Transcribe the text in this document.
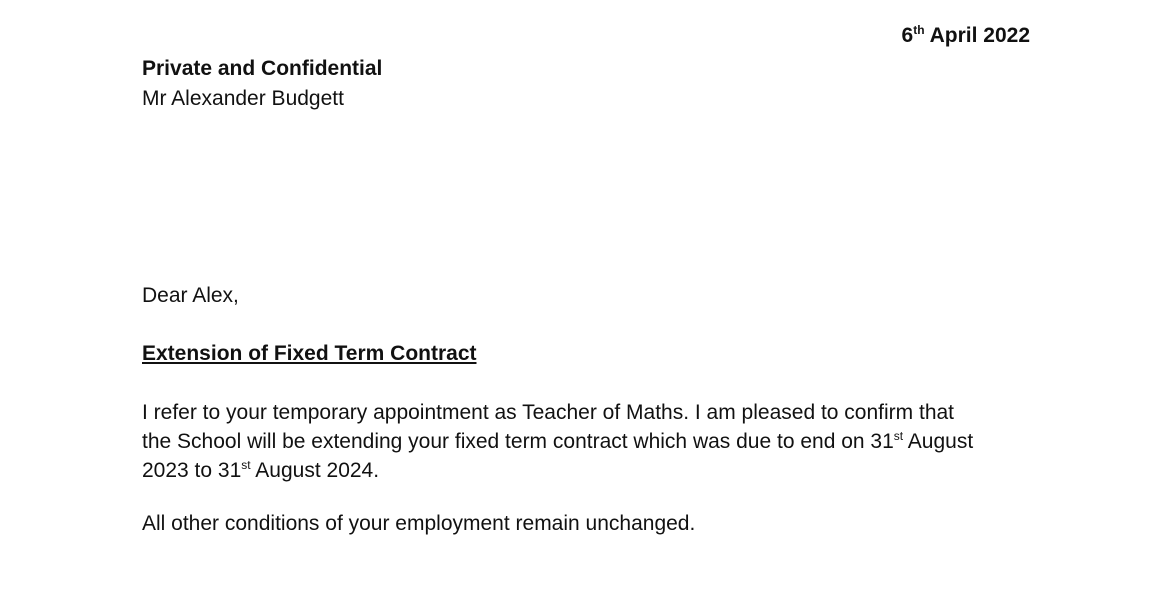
6th April 2022
Private and Confidential
Mr Alexander Budgett
Dear Alex,
Extension of Fixed Term Contract
I refer to your temporary appointment as Teacher of Maths. I am pleased to confirm that
the School will be extending your fixed term contract which was due to end on 31st August
2023 to 31st August 2024.
All other conditions of your employment remain unchanged.
